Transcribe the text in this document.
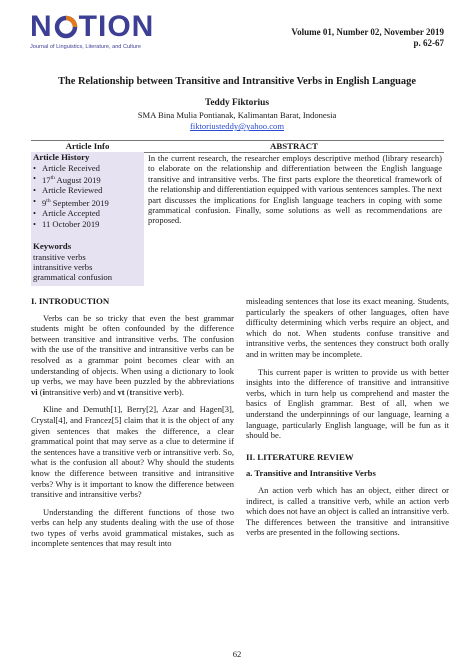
N TION
Journal of Linguistics, Literature, and Culture
Volume 01, Number 02, November 2019
p. 62-67
The Relationship between Transitive and Intransitive Verbs in English Language
Teddy Fiktorius
SMA Bina Mulia Pontianak, Kalimantan Barat, Indonesia
fiktoriusteddy@yahoo.com
Article Info	ABSTRACT
Article History
• Article Received
• 17th August 2019
• Article Reviewed
• 9th September 2019
• Article Accepted
• 11 October 2019
Keywords
transitive verbs
intransitive verbs
grammatical confusion
In the current research, the researcher employs descriptive method (library research) to elaborate on the relationship and differentiation between the English language transitive and intransitive verbs. The first parts explore the theoretical framework of the relationship and differentiation equipped with various sentences samples. The next part discusses the implications for English language teachers in coping with some grammatical confusion. Finally, some solutions as well as recommendations are proposed.
I. INTRODUCTION

Verbs can be so tricky that even the best grammar students might be often confounded by the difference between transitive and intransitive verbs. The confusion with the use of the transitive and intransitive verbs can be resolved as a grammar point becomes clear with an understanding of objects. When using a dictionary to look up verbs, we may have been puzzled by the abbreviations vi (intransitive verb) and vt (transitive verb).

Kline and Demuth[1], Berry[2], Azar and Hagen[3], Crystal[4], and Francez[5] claim that it is the object of any given sentences that makes the difference, a clear grammatical point that may serve as a clue to determine if the sentences have a transitive verb or intransitive verb. So, what is the confusion all about? Why should the students know the difference between transitive and intransitive verbs? Why is it important to know the difference between transitive and intransitive verbs?

Understanding the different functions of those two verbs can help any students dealing with the use of those two types of verbs avoid grammatical mistakes, such as incomplete sentences that may result into

misleading sentences that lose its exact meaning. Students, particularly the speakers of other languages, often have difficulty determining which verbs require an object, and which do not. When students confuse transitive and intransitive verbs, the sentences they construct both orally and in written may be incomplete.

This current paper is written to provide us with better insights into the difference of transitive and intransitive verbs, which in turn help us comprehend and master the basics of English grammar. Best of all, when we understand the underpinnings of our language, learning a language, particularly English language, will be fun as it should be.

II. LITERATURE REVIEW
a. Transitive and Intransitive Verbs

An action verb which has an object, either direct or indirect, is called a transitive verb, while an action verb which does not have an object is called an intransitive verb. The differences between the transitive and intransitive verbs are presented in the following sections.

62
